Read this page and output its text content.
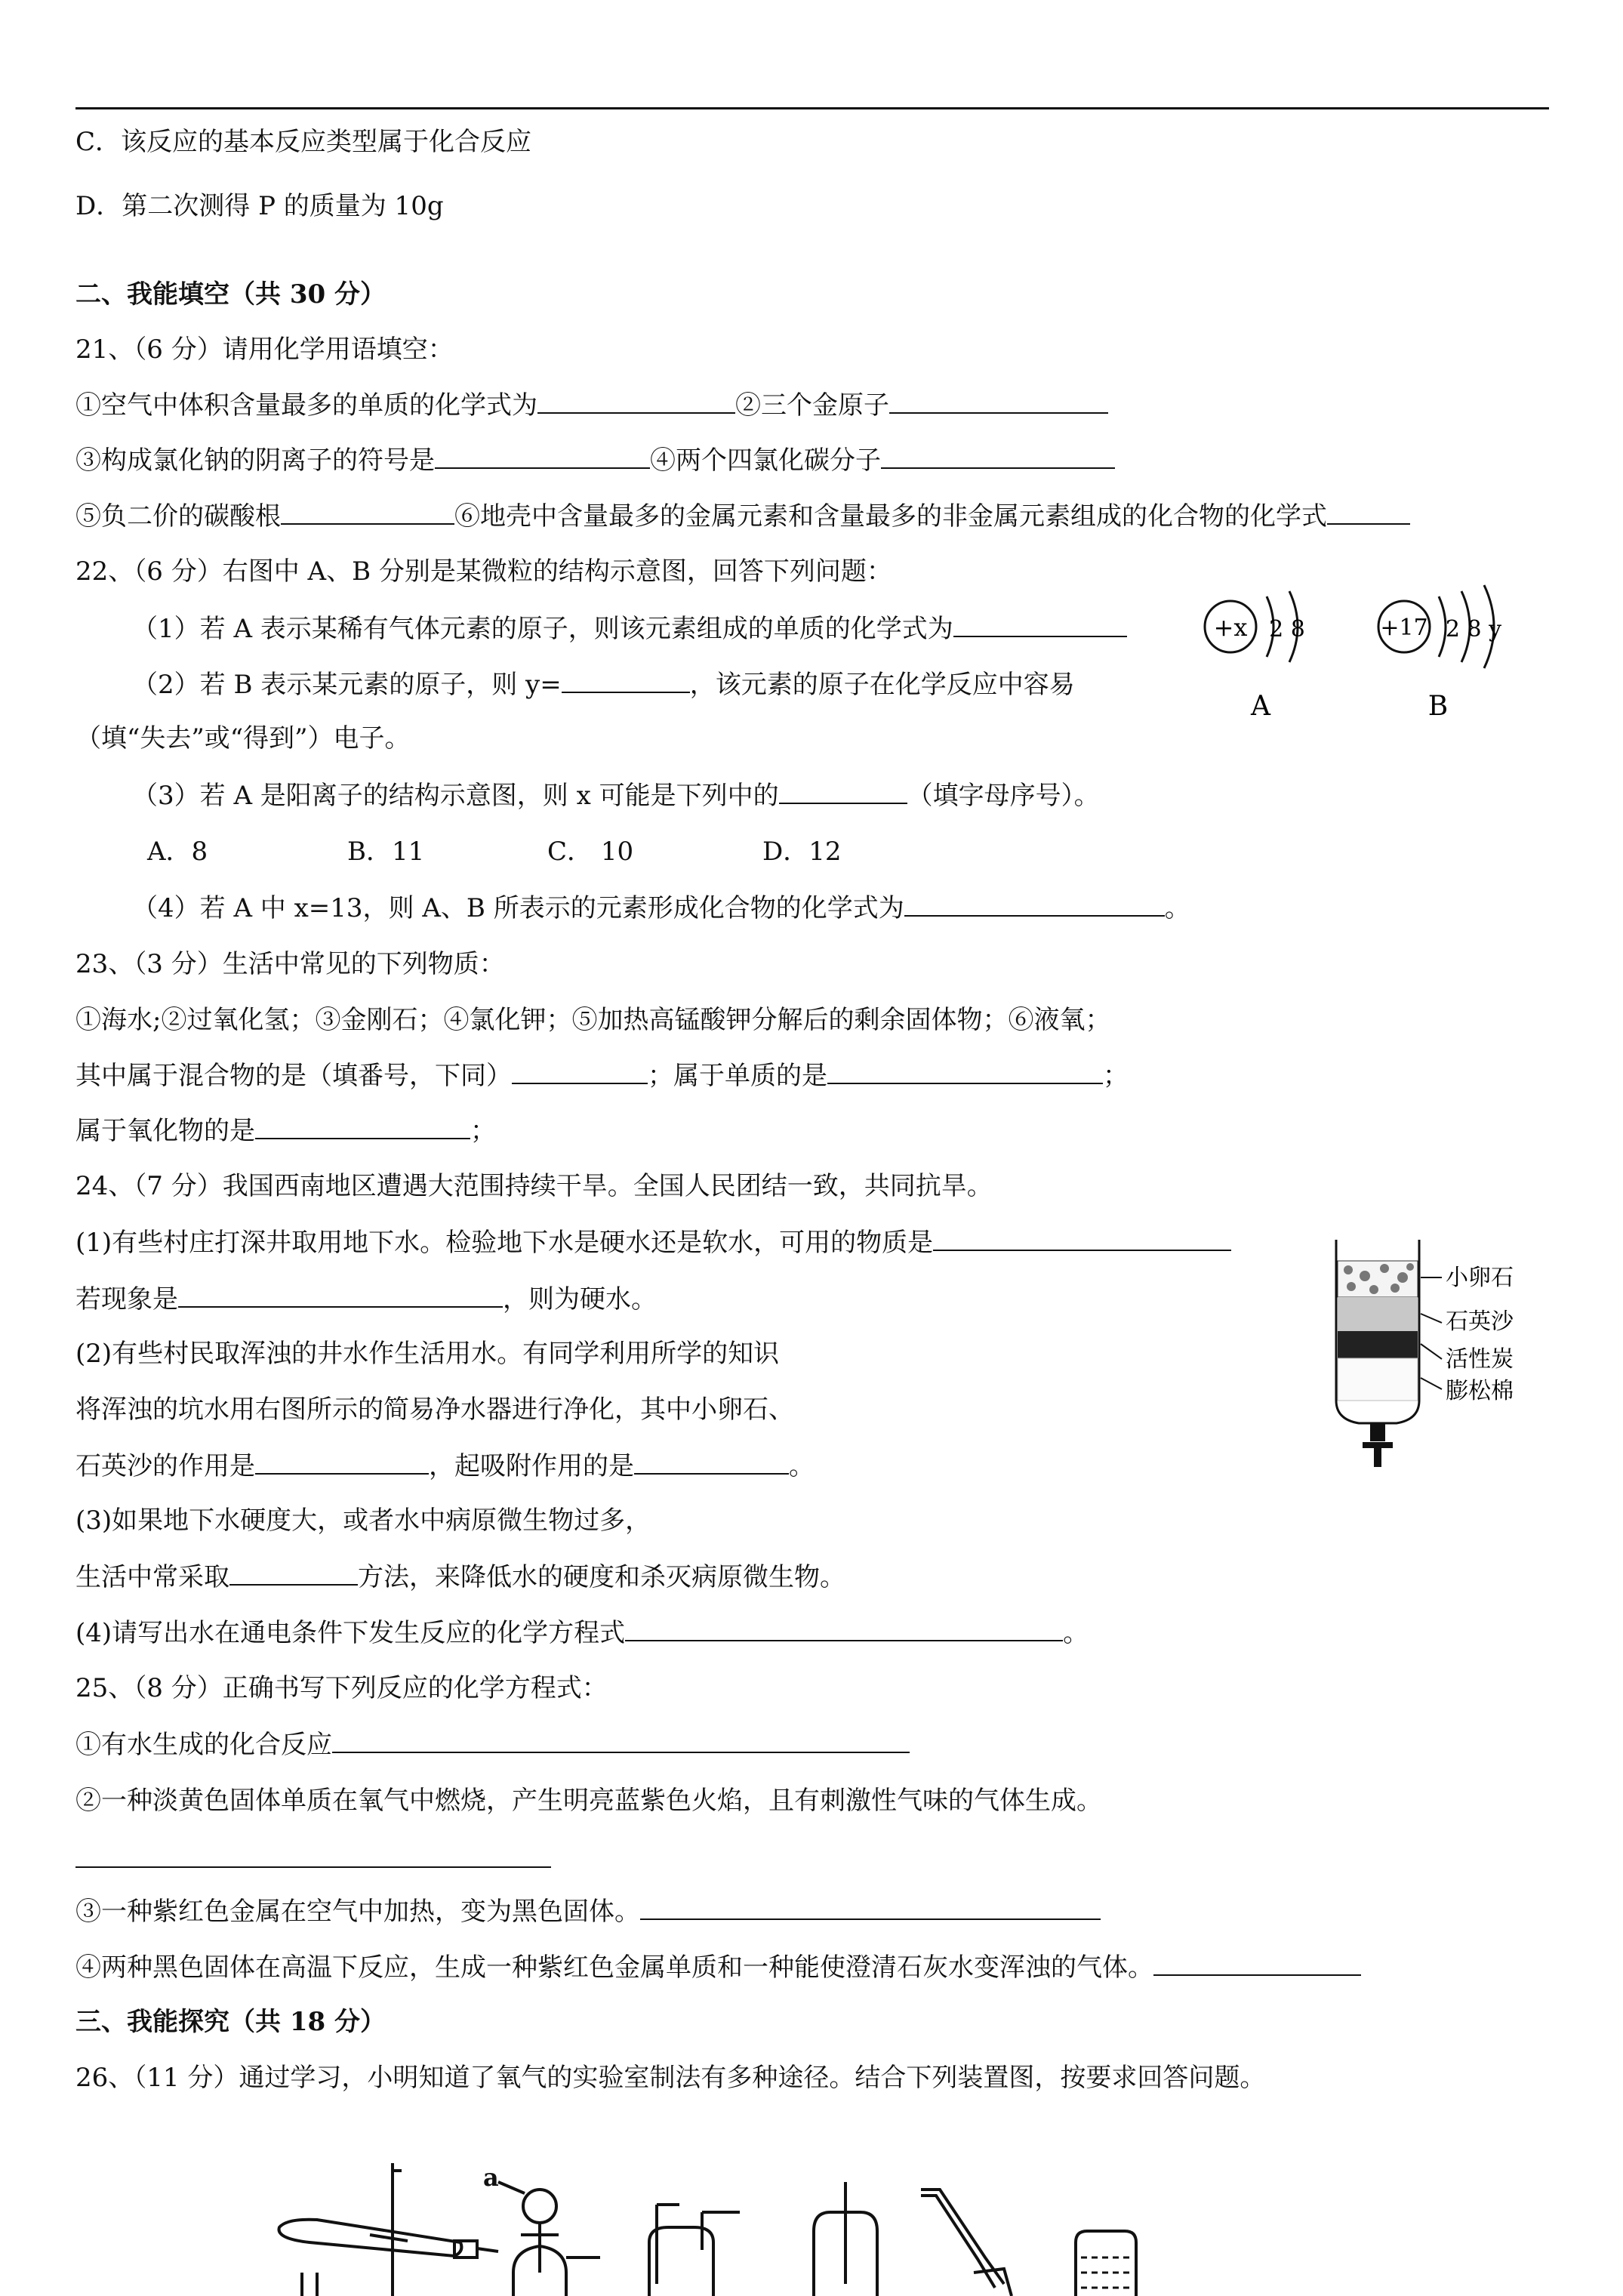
C．该反应的基本反应类型属于化合反应
D．第二次测得 P 的质量为 10g
二、我能填空（共 30 分）
21、（6 分）请用化学用语填空：
①空气中体积含量最多的单质的化学式为	②三个金原子
③构成氯化钠的阴离子的符号是	④两个四氯化碳分子
⑤负二价的碳酸根	⑥地壳中含量最多的金属元素和含量最多的非金属元素组成的化合物的化学式
22、（6 分）右图中 A、B 分别是某微粒的结构示意图，回答下列问题：
（1）若 A 表示某稀有气体元素的原子，则该元素组成的单质的化学式为
（2）若 B 表示某元素的原子，则 y=	，该元素的原子在化学反应中容易
（填“失去”或“得到”）电子。
（3）若 A 是阳离子的结构示意图，则 x 可能是下列中的	（填字母序号）。
A．8	B．11	C． 10	D．12
（4）若 A 中 x=13，则 A、B 所表示的元素形成化合物的化学式为	。
+x 2 8
A
+17 2 8 y
B
23、（3 分）生活中常见的下列物质：
①海水;②过氧化氢；③金刚石；④氯化钾；⑤加热高锰酸钾分解后的剩余固体物；⑥液氧；
其中属于混合物的是（填番号，下同）	；属于单质的是	；
属于氧化物的是	；
24、（7 分）我国西南地区遭遇大范围持续干旱。全国人民团结一致，共同抗旱。
(1)有些村庄打深井取用地下水。检验地下水是硬水还是软水，可用的物质是
若现象是	，则为硬水。
(2)有些村民取浑浊的井水作生活用水。有同学利用所学的知识
将浑浊的坑水用右图所示的简易净水器进行净化，其中小卵石、
石英沙的作用是	，起吸附作用的是	。
(3)如果地下水硬度大，或者水中病原微生物过多，
生活中常采取	方法，来降低水的硬度和杀灭病原微生物。
(4)请写出水在通电条件下发生反应的化学方程式	。
小卵石
石英沙
活性炭
膨松棉
25、（8 分）正确书写下列反应的化学方程式：
①有水生成的化合反应
②一种淡黄色固体单质在氧气中燃烧，产生明亮蓝紫色火焰，且有刺激性气味的气体生成。
③一种紫红色金属在空气中加热，变为黑色固体。
④两种黑色固体在高温下反应，生成一种紫红色金属单质和一种能使澄清石灰水变浑浊的气体。
三、我能探究（共 18 分）
26、（11 分）通过学习，小明知道了氧气的实验室制法有多种途径。结合下列装置图，按要求回答问题。
a
